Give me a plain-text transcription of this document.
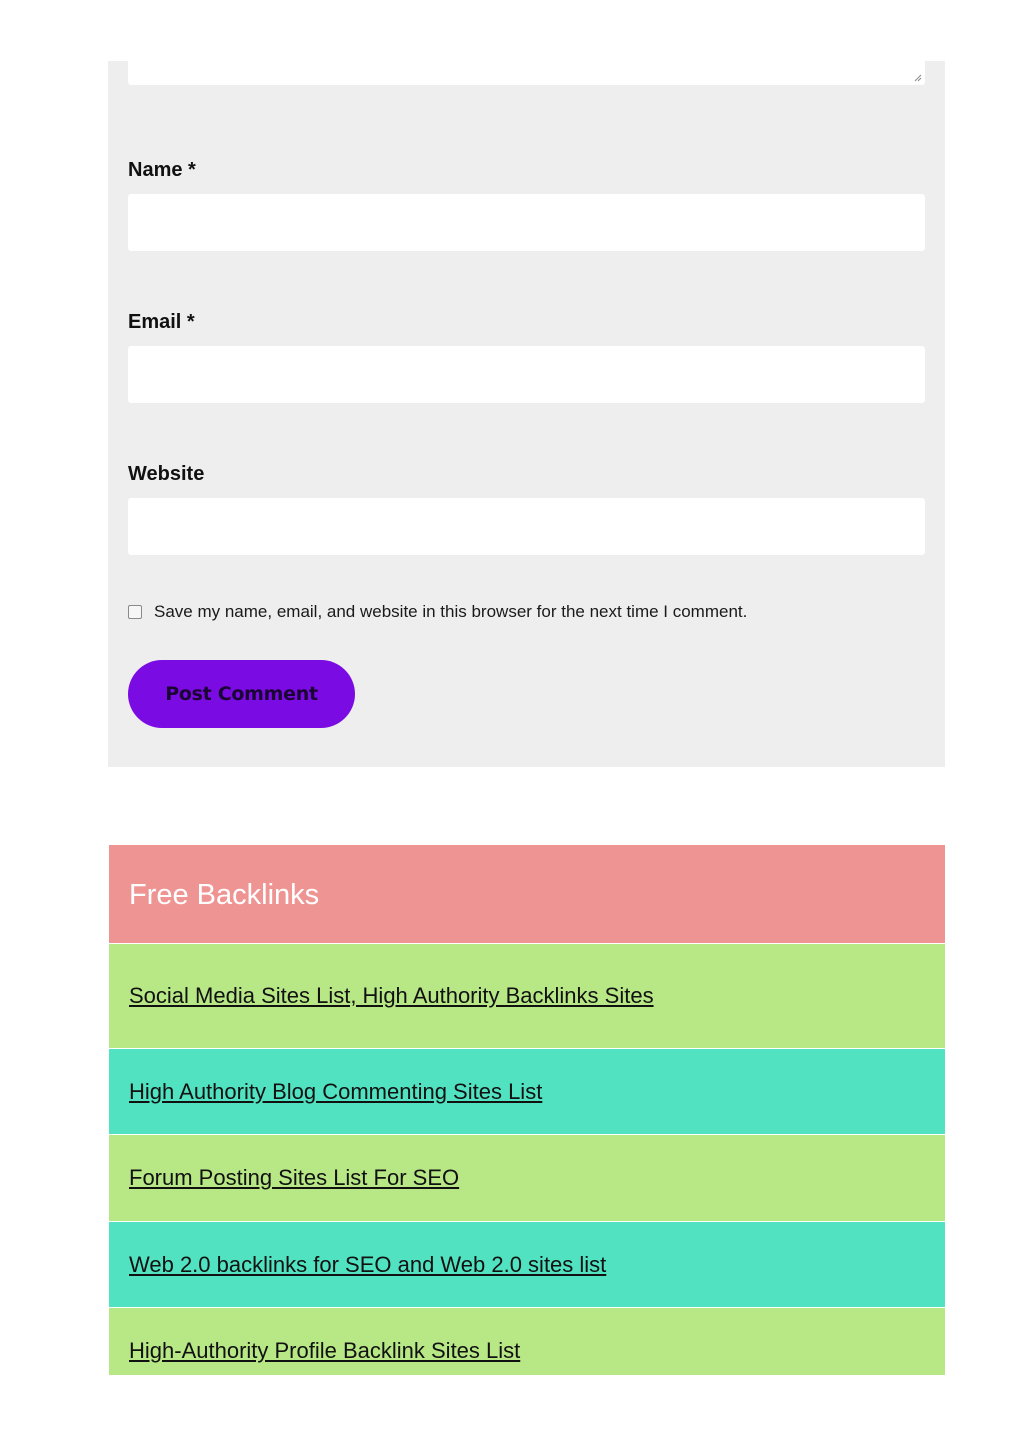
Name *
Email *
Website
Save my name, email, and website in this browser for the next time I comment.
Post Comment
Free Backlinks
Social Media Sites List, High Authority Backlinks Sites
High Authority Blog Commenting Sites List
Forum Posting Sites List For SEO
Web 2.0 backlinks for SEO and Web 2.0 sites list
High-Authority Profile Backlink Sites List
